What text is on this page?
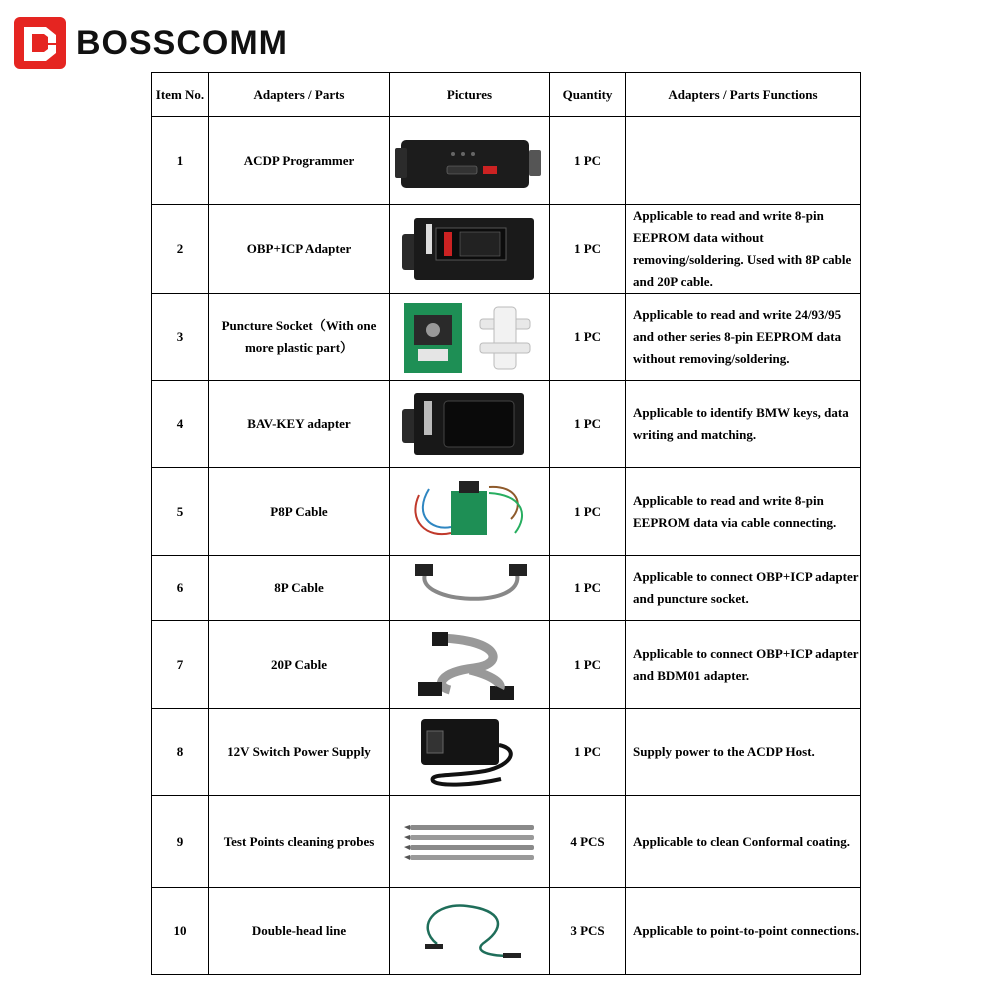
BOSSCOMM
Item No.	Adapters / Parts	Pictures	Quantity	Adapters / Parts Functions
1	ACDP Programmer		1 PC	
2	OBP+ICP Adapter		1 PC	Applicable to read and write 8-pin EEPROM data without removing/soldering. Used with 8P cable and 20P cable.
3	Puncture Socket（With one more plastic part）		1 PC	Applicable to read and write 24/93/95 and other series 8-pin EEPROM data without removing/soldering.
4	BAV-KEY adapter		1 PC	Applicable to identify BMW keys, data writing and matching.
5	P8P Cable		1 PC	Applicable to read and write 8-pin EEPROM data via cable connecting.
6	8P Cable		1 PC	Applicable to connect OBP+ICP adapter and puncture socket.
7	20P Cable		1 PC	Applicable to connect OBP+ICP adapter and BDM01 adapter.
8	12V Switch Power Supply		1 PC	Supply power to the ACDP Host.
9	Test Points cleaning probes		4 PCS	Applicable to clean Conformal coating.
10	Double-head line		3 PCS	Applicable to point-to-point connections.
